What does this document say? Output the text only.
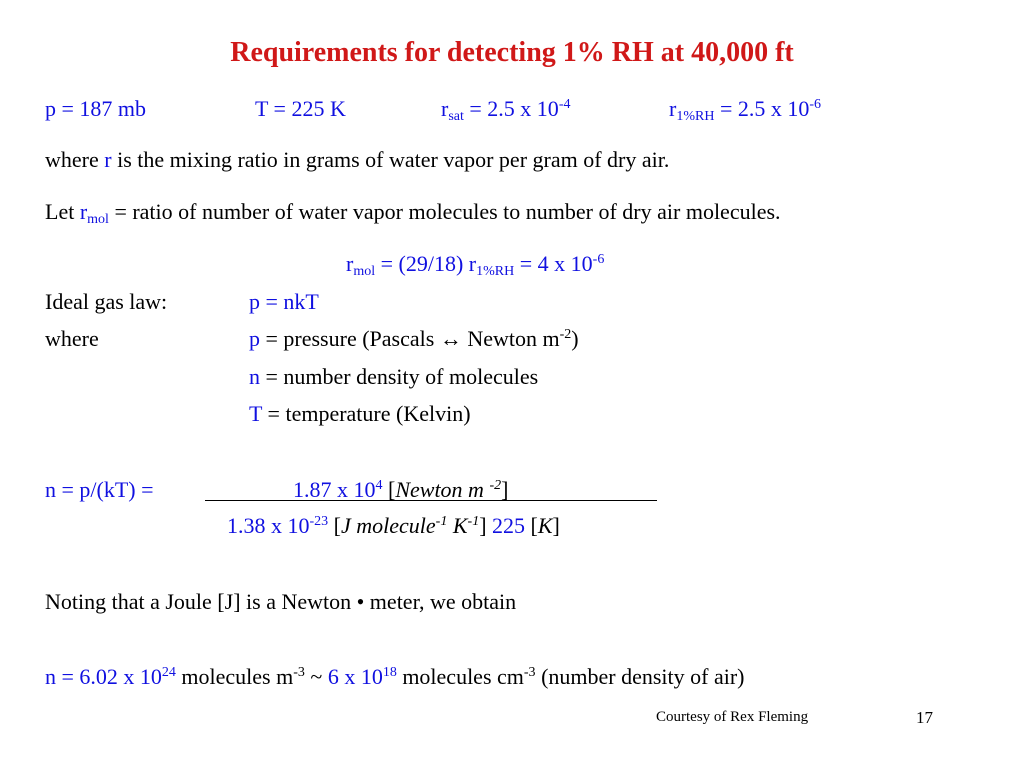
Requirements for detecting 1% RH at 40,000 ft
p = 187 mb	T = 225 K	$r_{sat} = 2.5$ x $10^{-4}$	$r_{1\%RH} = 2.5$ x $10^{-6}$
where r is the mixing ratio in grams of water vapor per gram of dry air.
Let $r_{mol}$ = ratio of number of water vapor molecules to number of dry air molecules.
$r_{mol} = (29/18) r_{1\%RH} = 4$ x $10^{-6}$
Ideal gas law:	p = nkT
where	p = pressure (Pascals ↔ Newton $m^{-2}$)
n = number density of molecules
T = temperature (Kelvin)
n = p/(kT) =	1.87 x $10^4$ [Newton m $^{-2}$]
1.38 x $10^{-23}$ [J molecule$^{-1}$ $K^{-1}$] 225 [K]
Noting that a Joule [J] is a Newton • meter, we obtain
n = 6.02 x $10^{24}$ molecules $m^{-3}$ ~ 6 x $10^{18}$ molecules $cm^{-3}$ (number density of air)
Courtesy of Rex Fleming	17
